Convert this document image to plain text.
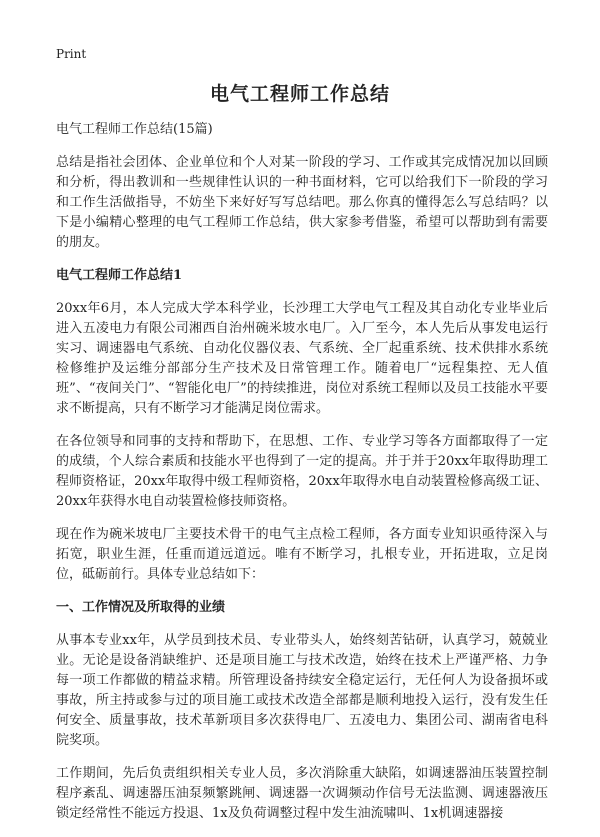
Print
电气工程师工作总结

电气工程师工作总结(15篇)

总结是指社会团体、企业单位和个人对某一阶段的学习、工作或其完成情况加以回顾和分析，得出教训和一些规律性认识的一种书面材料，它可以给我们下一阶段的学习和工作生活做指导，不妨坐下来好好写写总结吧。那么你真的懂得怎么写总结吗？以下是小编精心整理的电气工程师工作总结，供大家参考借鉴，希望可以帮助到有需要的朋友。

电气工程师工作总结1

20xx年6月，本人完成大学本科学业，长沙理工大学电气工程及其自动化专业毕业后进入五凌电力有限公司湘西自治州碗米坡水电厂。入厂至今，本人先后从事发电运行实习、调速器电气系统、自动化仪器仪表、气系统、全厂起重系统、技术供排水系统检修维护及运维分部部分生产技术及日常管理工作。随着电厂“远程集控、无人值班”、“夜间关门”、“智能化电厂”的持续推进，岗位对系统工程师以及员工技能水平要求不断提高，只有不断学习才能满足岗位需求。

在各位领导和同事的支持和帮助下，在思想、工作、专业学习等各方面都取得了一定的成绩，个人综合素质和技能水平也得到了一定的提高。并于并于20xx年取得助理工程师资格证，20xx年取得中级工程师资格，20xx年取得水电自动装置检修高级工证、20xx年获得水电自动装置检修技师资格。

现在作为碗米坡电厂主要技术骨干的电气主点检工程师，各方面专业知识亟待深入与拓宽，职业生涯，任重而道远道远。唯有不断学习，扎根专业，开拓进取，立足岗位，砥砺前行。具体专业总结如下：

一、工作情况及所取得的业绩

从事本专业xx年，从学员到技术员、专业带头人，始终刻苦钻研，认真学习，兢兢业业。无论是设备消缺维护、还是项目施工与技术改造，始终在技术上严谨严格、力争每一项工作都做的精益求精。所管理设备持续安全稳定运行，无任何人为设备损坏或事故，所主持或参与过的项目施工或技术改造全部都是顺利地投入运行，没有发生任何安全、质量事故，技术革新项目多次获得电厂、五凌电力、集团公司、湖南省电科院奖项。

工作期间，先后负责组织相关专业人员，多次消除重大缺陷，如调速器油压装置控制程序紊乱、调速器压油泵频繁跳闸、调速器一次调频动作信号无法监测、调速器液压锁定经常性不能远方投退、1x及负荷调整过程中发生油流啸叫、1x机调速器接
